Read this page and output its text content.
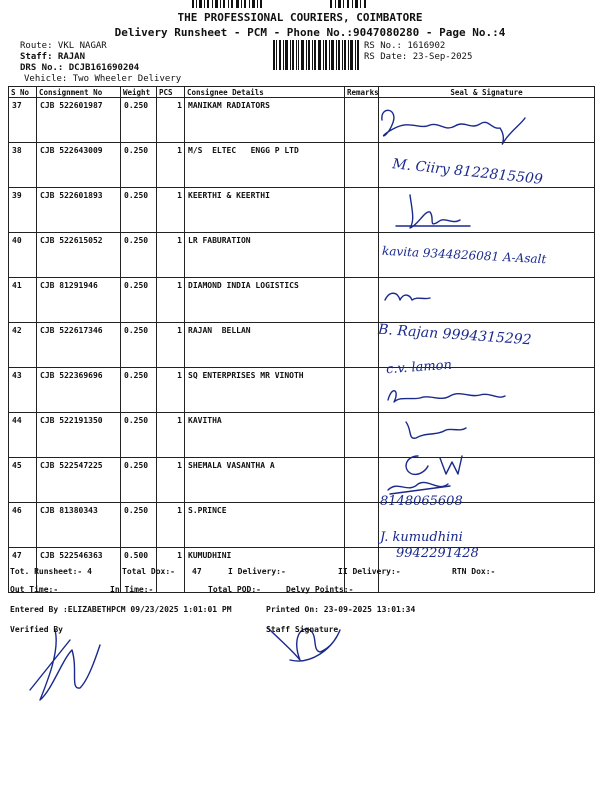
THE PROFESSIONAL COURIERS, COIMBATORE
Delivery Runsheet - PCM - Phone No.:9047080280 - Page No.:4
Route: VKL NAGAR
Staff: RAJAN
DRS No.: DCJB161690204
Vehicle: Two Wheeler Delivery
RS No.: 1616902
RS Date: 23-Sep-2025
S No	Consignment No	Weight	PCS	Consignee Details	Remarks	Seal & Signature
37	CJB 522601987	0.250	1	MANIKAM RADIATORS		
38	CJB 522643009	0.250	1	M/S  ELTEC   ENGG P LTD		
39	CJB 522601893	0.250	1	KEERTHI & KEERTHI		
40	CJB 522615052	0.250	1	LR FABURATION		
41	CJB 81291946	0.250	1	DIAMOND INDIA LOGISTICS		
42	CJB 522617346	0.250	1	RAJAN  BELLAN		
43	CJB 522369696	0.250	1	SQ ENTERPRISES MR VINOTH		
44	CJB 522191350	0.250	1	KAVITHA		
45	CJB 522547225	0.250	1	SHEMALA VASANTHA A		
46	CJB 81380343	0.250	1	S.PRINCE		
47	CJB 522546363	0.500	1	KUMUDHINI		
M. Ciiry 8122815509
kavita 9344826081 A-Asalt
B. Rajan 9994315292
c.v. lamon
8148065608
J. kumudhini
9942291428
Tot. Runsheet:- 4	Total Dox:- 47	I Delivery:-	II Delivery:-	RTN Dox:-
Out Time:-	In Time:-	Total POD:-	Delvy Points:-
Entered By :ELIZABETHPCM 09/23/2025 1:01:01 PM	Printed On: 23-09-2025 13:01:34
Verified By	Staff Signature
